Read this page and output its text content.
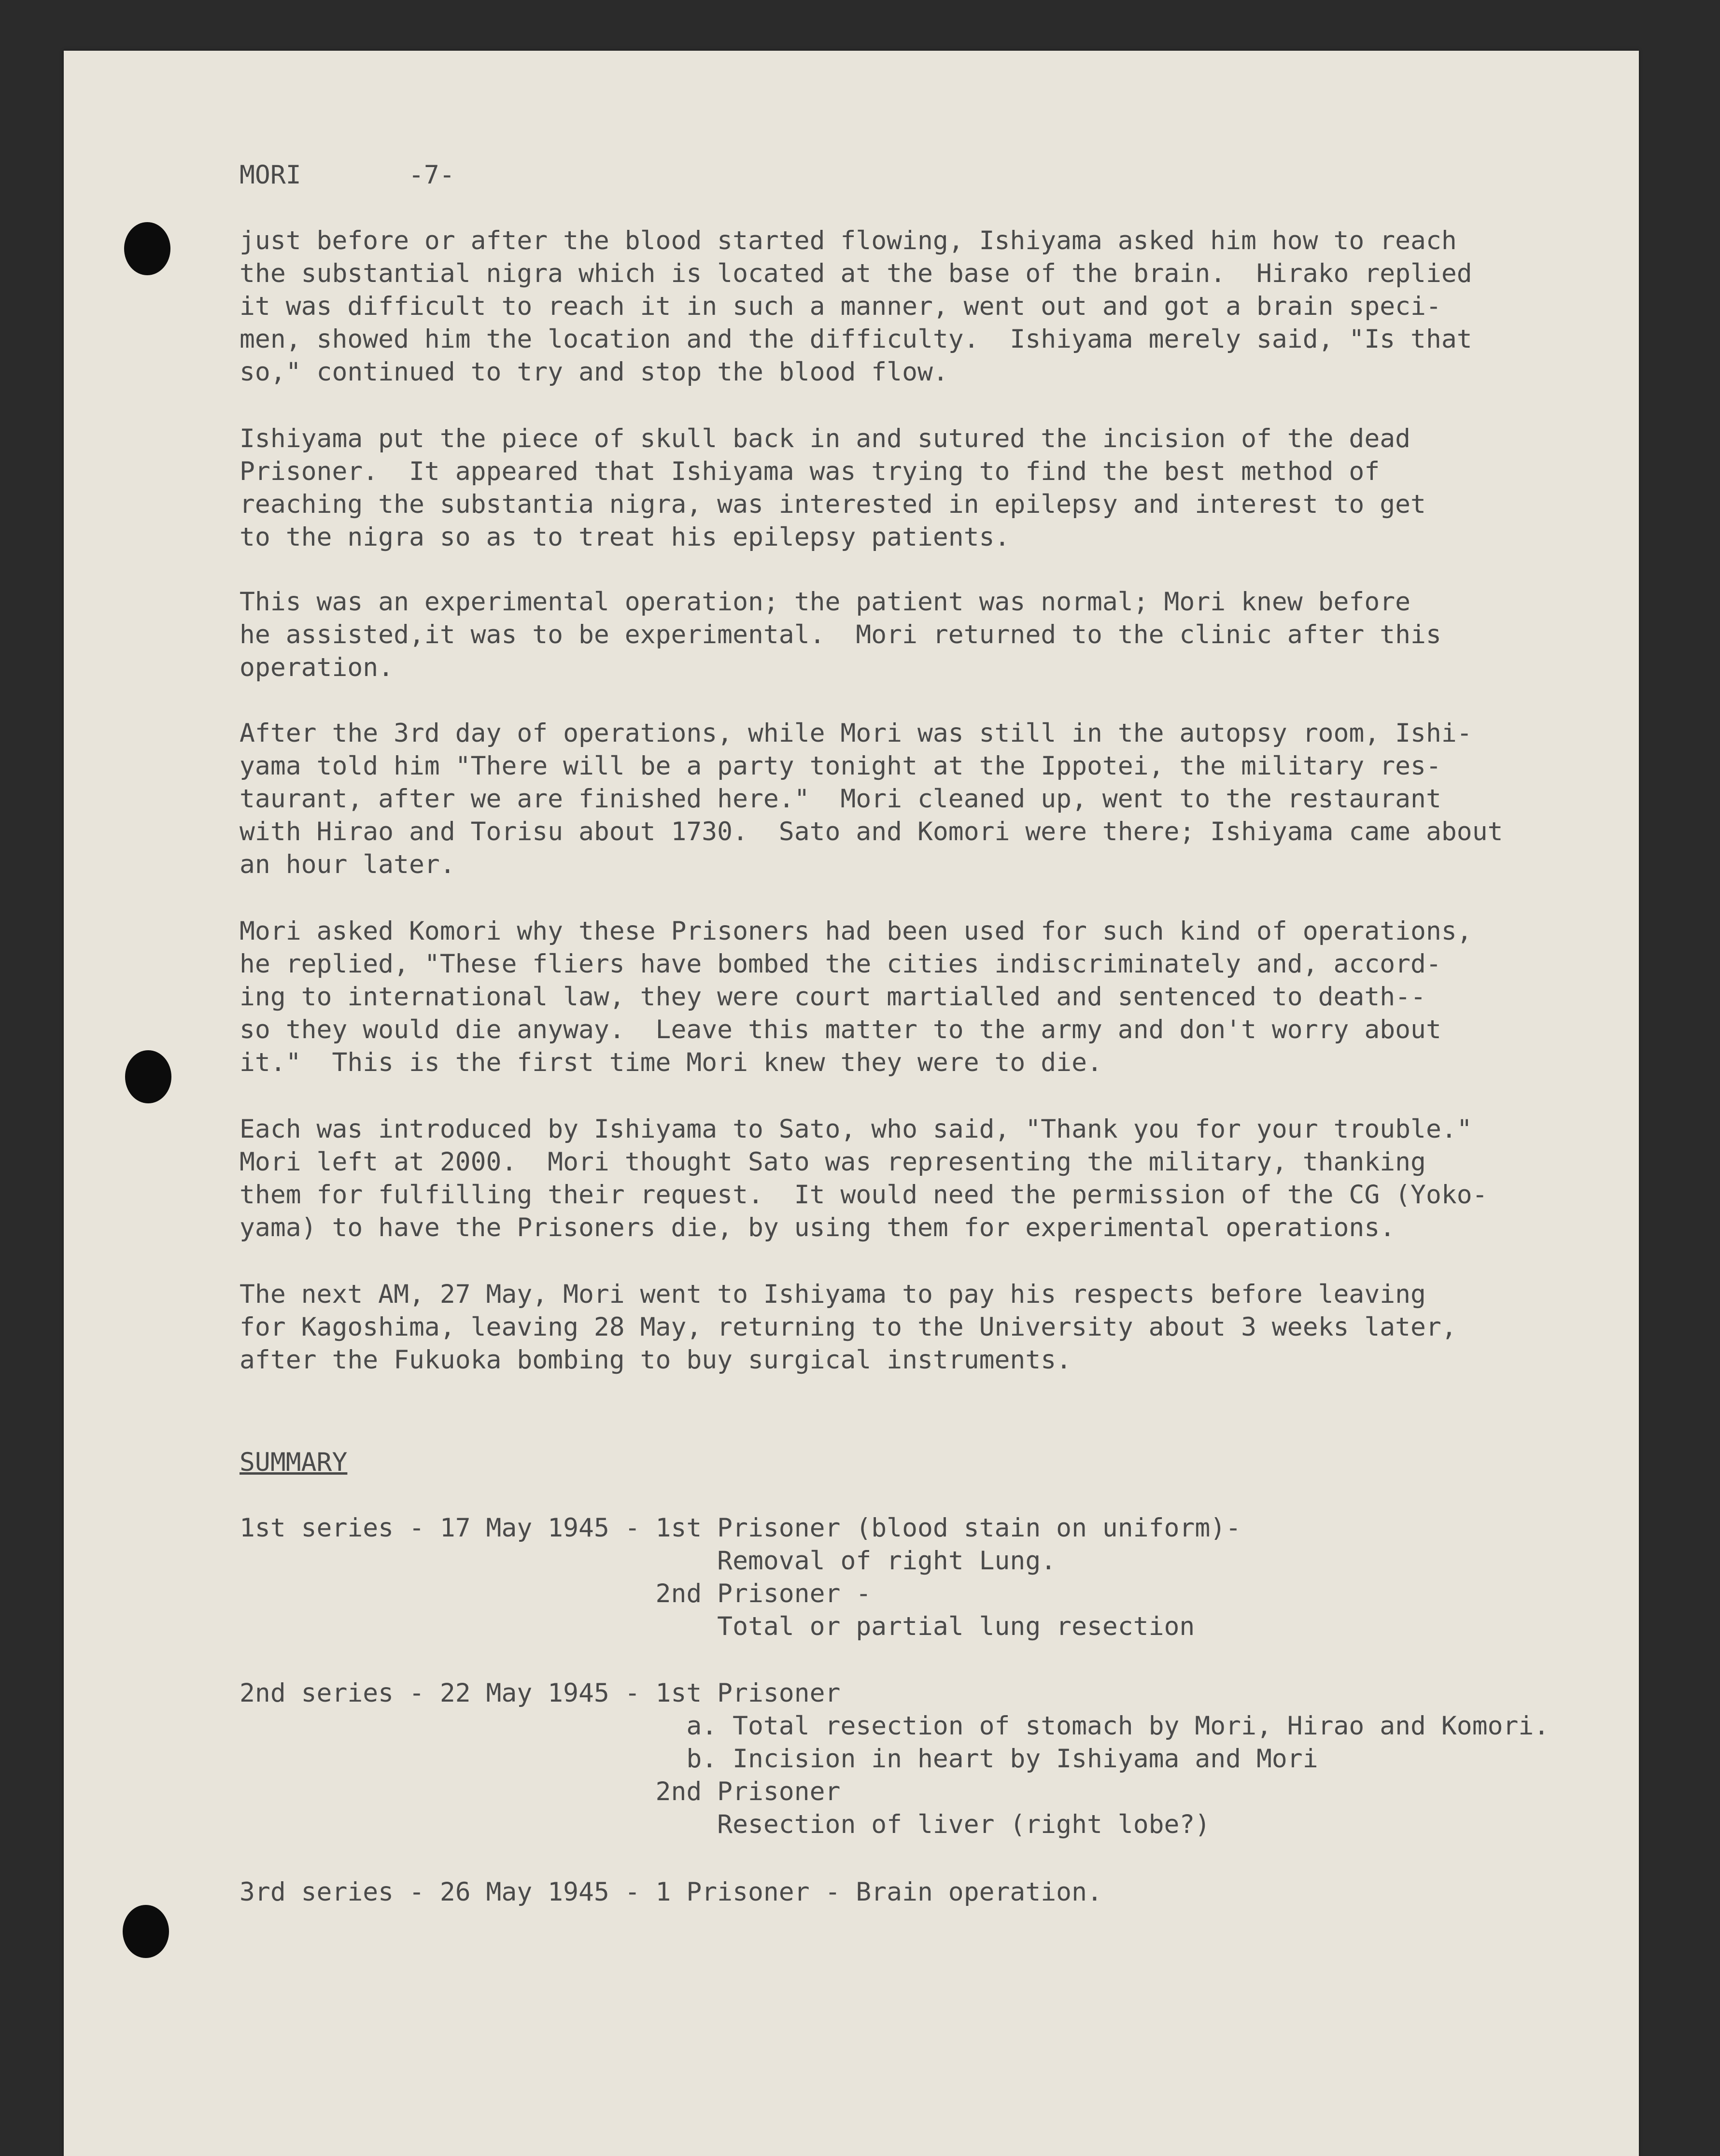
MORI	-7-
just before or after the blood started flowing, Ishiyama asked him how to reach
the substantial nigra which is located at the base of the brain.  Hirako replied
it was difficult to reach it in such a manner, went out and got a brain speci-
men, showed him the location and the difficulty.  Ishiyama merely said, "Is that
so," continued to try and stop the blood flow.
Ishiyama put the piece of skull back in and sutured the incision of the dead
Prisoner.  It appeared that Ishiyama was trying to find the best method of
reaching the substantia nigra, was interested in epilepsy and interest to get
to the nigra so as to treat his epilepsy patients.
This was an experimental operation; the patient was normal; Mori knew before
he assisted,it was to be experimental.  Mori returned to the clinic after this
operation.
After the 3rd day of operations, while Mori was still in the autopsy room, Ishi-
yama told him "There will be a party tonight at the Ippotei, the military res-
taurant, after we are finished here."  Mori cleaned up, went to the restaurant
with Hirao and Torisu about 1730.  Sato and Komori were there; Ishiyama came about
an hour later.
Mori asked Komori why these Prisoners had been used for such kind of operations,
he replied, "These fliers have bombed the cities indiscriminately and, accord-
ing to international law, they were court martialled and sentenced to death--
so they would die anyway.  Leave this matter to the army and don't worry about
it."  This is the first time Mori knew they were to die.
Each was introduced by Ishiyama to Sato, who said, "Thank you for your trouble."
Mori left at 2000.  Mori thought Sato was representing the military, thanking
them for fulfilling their request.  It would need the permission of the CG (Yoko-
yama) to have the Prisoners die, by using them for experimental operations.
The next AM, 27 May, Mori went to Ishiyama to pay his respects before leaving
for Kagoshima, leaving 28 May, returning to the University about 3 weeks later,
after the Fukuoka bombing to buy surgical instruments.
SUMMARY
1st series - 17 May 1945 - 1st Prisoner (blood stain on uniform)-
Removal of right Lung.
2nd Prisoner -
Total or partial lung resection
2nd series - 22 May 1945 - 1st Prisoner
a. Total resection of stomach by Mori, Hirao and Komori.
b. Incision in heart by Ishiyama and Mori
2nd Prisoner
Resection of liver (right lobe?)
3rd series - 26 May 1945 - 1 Prisoner - Brain operation.
